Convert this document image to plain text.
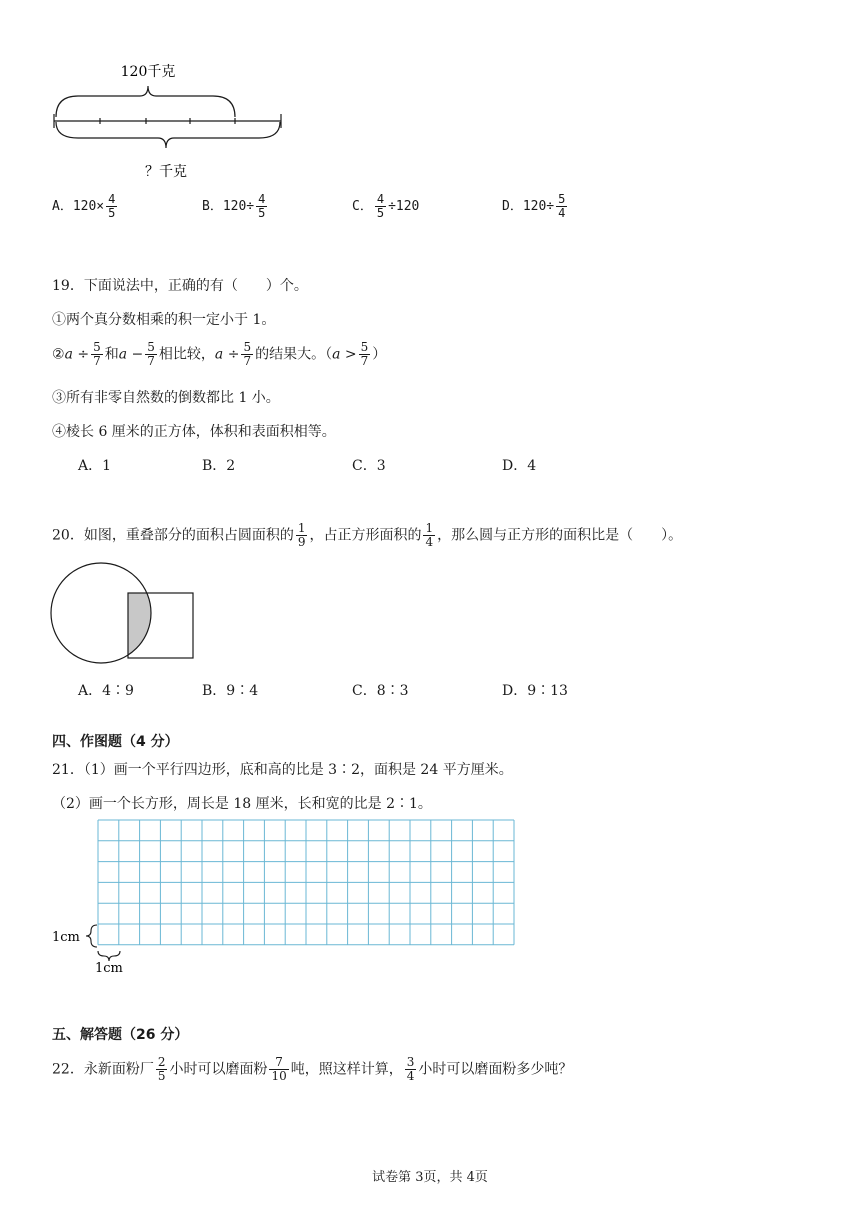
120千克
？千克
A．$120\times \frac{4}{5}$	B．$120\div \frac{4}{5}$	C． $\frac{4}{5} \div 120$	D．$120\div \frac{5}{4}$
19．下面说法中，正确的有（　　）个。
①两个真分数相乘的积一定小于 1。
②a ÷ $\frac{5}{7}$ 和$a - \frac{5}{7}$ 相比较，$a \div \frac{5}{7}$ 的结果大。（$a > \frac{5}{7}$ ）
③所有非零自然数的倒数都比 1 小。
④棱长 6 厘米的正方体，体积和表面积相等。
A．1	B．2	C．3	D．4
20．如图，重叠部分的面积占圆面积的 $\frac{1}{9}$ ，占正方形面积的 $\frac{1}{4}$ ，那么圆与正方形的面积比是（　　）。
A．4∶9	B．9∶4	C．8∶3	D．9∶13
四、作图题（4 分）
21．（1）画一个平行四边形，底和高的比是 3∶2，面积是 24 平方厘米。
（2）画一个长方形，周长是 18 厘米，长和宽的比是 2∶1。
1cm
1cm
五、解答题（26 分）
22．永新面粉厂 $\frac{2}{5}$ 小时可以磨面粉 $\frac{7}{10}$ 吨，照这样计算， $\frac{3}{4}$ 小时可以磨面粉多少吨？
试卷第 3页，共 4页
